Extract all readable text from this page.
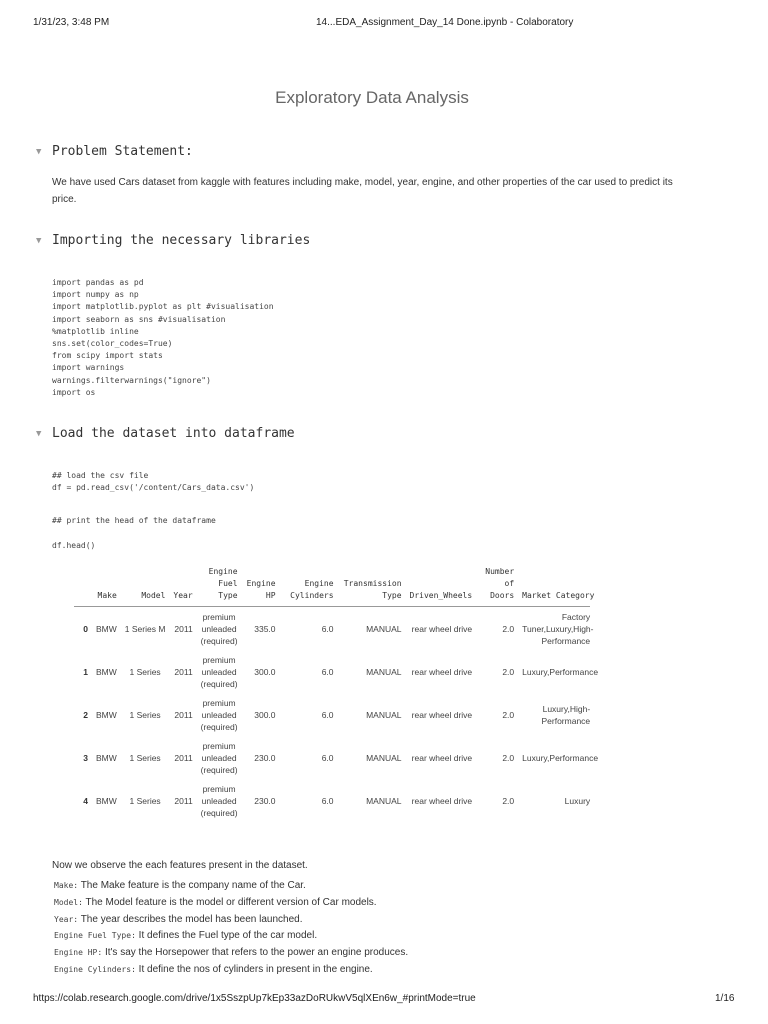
1/31/23, 3:48 PM	14...EDA_Assignment_Day_14 Done.ipynb - Colaboratory
Exploratory Data Analysis
▼ Problem Statement:
We have used Cars dataset from kaggle with features including make, model, year, engine, and other properties of the car used to predict its price.
▼ Importing the necessary libraries
import pandas as pd
import numpy as np
import matplotlib.pyplot as plt #visualisation
import seaborn as sns #visualisation
%matplotlib inline
sns.set(color_codes=True)
from scipy import stats
import warnings
warnings.filterwarnings("ignore")
import os
▼ Load the dataset into dataframe
## load the csv file
df = pd.read_csv('/content/Cars_data.csv')
## print the head of the dataframe
df.head()
	Make	Model	Year	Engine Fuel Type	Engine HP	Engine Cylinders	Transmission Type	Driven_Wheels	Number of Doors	Market Category

0	BMW	1 Series M	2011	premium unleaded (required)	335.0	6.0	MANUAL	rear wheel drive	2.0	Factory Tuner,Luxury,High-Performance

1	BMW	1 Series	2011	premium unleaded (required)	300.0	6.0	MANUAL	rear wheel drive	2.0	Luxury,Performance

2	BMW	1 Series	2011	premium unleaded (required)	300.0	6.0	MANUAL	rear wheel drive	2.0	Luxury,High-Performance

3	BMW	1 Series	2011	premium unleaded (required)	230.0	6.0	MANUAL	rear wheel drive	2.0	Luxury,Performance

4	BMW	1 Series	2011	premium unleaded (required)	230.0	6.0	MANUAL	rear wheel drive	2.0	Luxury
Now we observe the each features present in the dataset.
Make: The Make feature is the company name of the Car.
Model: The Model feature is the model or different version of Car models.
Year: The year describes the model has been launched.
Engine Fuel Type: It defines the Fuel type of the car model.
Engine HP: It's say the Horsepower that refers to the power an engine produces.
Engine Cylinders: It define the nos of cylinders in present in the engine.
https://colab.research.google.com/drive/1x5SszpUp7kEp33azDoRUkwV5qlXEn6w_#printMode=true	1/16
